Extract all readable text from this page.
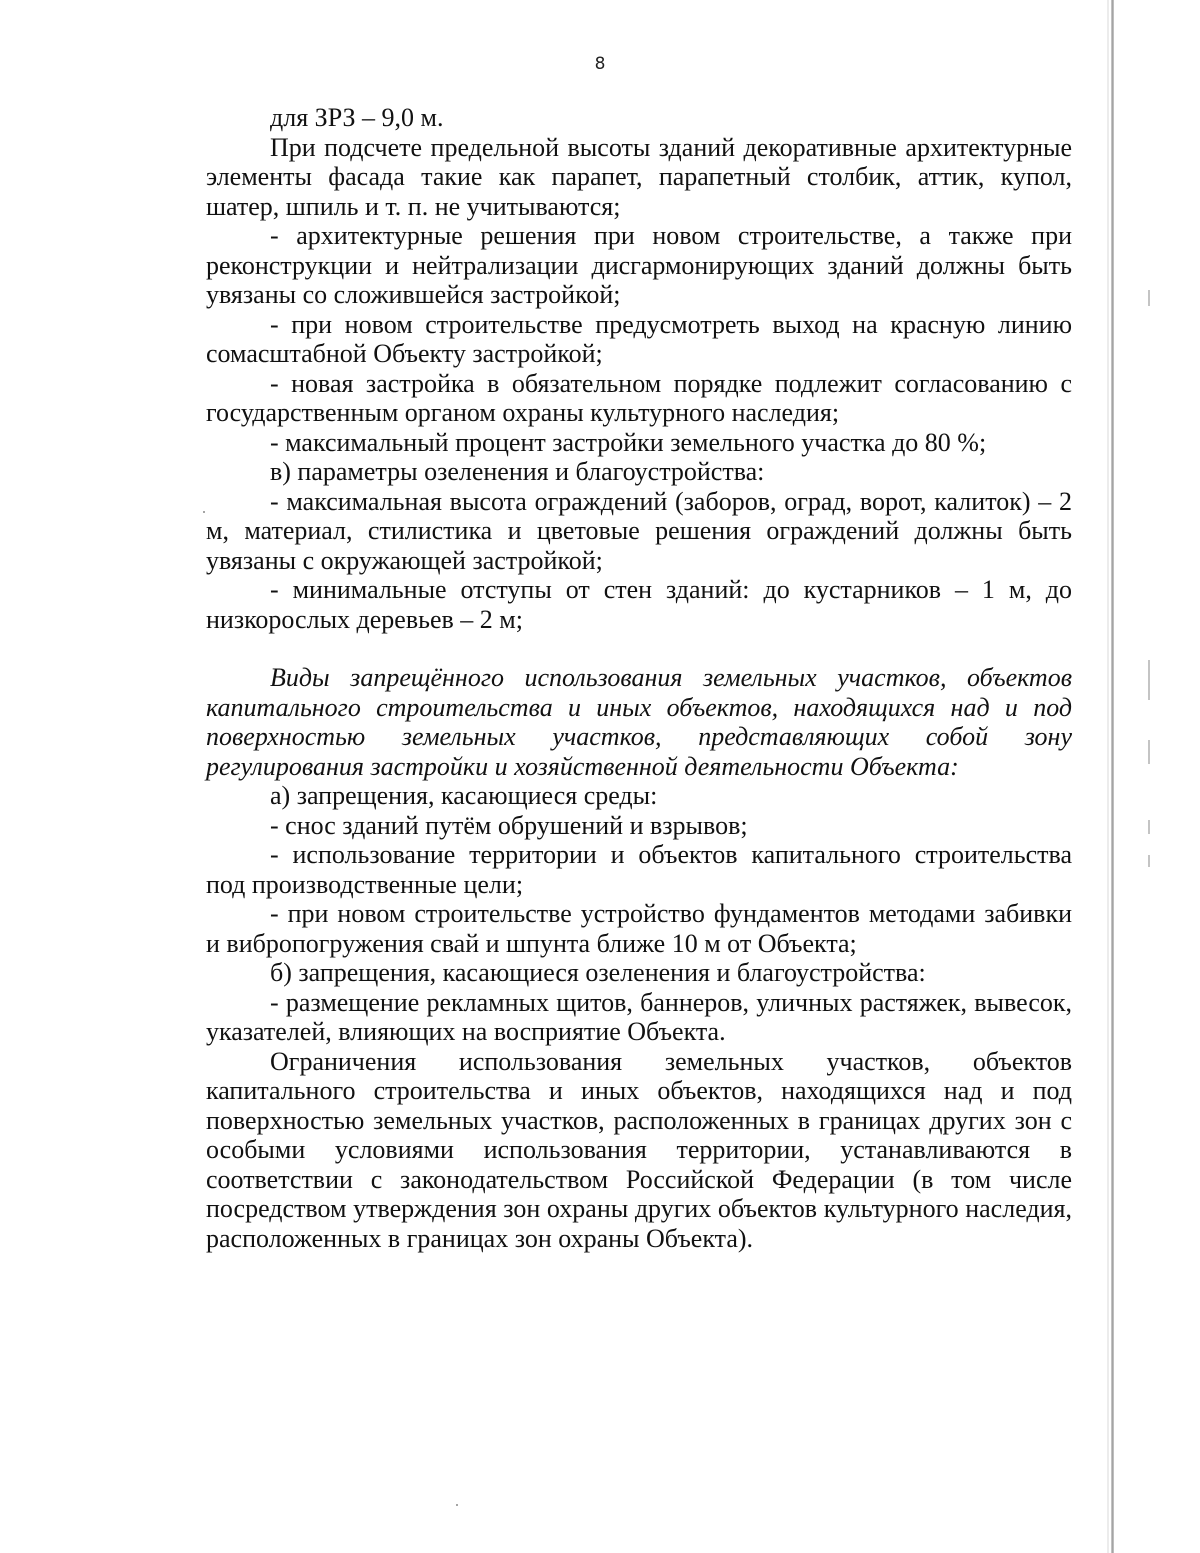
8

для ЗРЗ – 9,0 м.

При подсчете предельной высоты зданий декоративные архитектурные элементы фасада такие как парапет, парапетный столбик, аттик, купол, шатер, шпиль и т. п. не учитываются;

- архитектурные решения при новом строительстве, а также при реконструкции и нейтрализации дисгармонирующих зданий должны быть увязаны со сложившейся застройкой;

- при новом строительстве предусмотреть выход на красную линию сомасштабной Объекту застройкой;

- новая застройка в обязательном порядке подлежит согласованию с государственным органом охраны культурного наследия;

- максимальный процент застройки земельного участка до 80 %;

в) параметры озеленения и благоустройства:

- максимальная высота ограждений (заборов, оград, ворот, калиток) – 2 м, материал, стилистика и цветовые решения ограждений должны быть увязаны с окружающей застройкой;

- минимальные отступы от стен зданий: до кустарников – 1 м, до низкорослых деревьев – 2 м;

Виды запрещённого использования земельных участков, объектов капитального строительства и иных объектов, находящихся над и под поверхностью земельных участков, представляющих собой зону регулирования застройки и хозяйственной деятельности Объекта:

а) запрещения, касающиеся среды:

- снос зданий путём обрушений и взрывов;

- использование территории и объектов капитального строительства под производственные цели;

- при новом строительстве устройство фундаментов методами забивки и вибропогружения свай и шпунта ближе 10 м от Объекта;

б) запрещения, касающиеся озеленения и благоустройства:

- размещение рекламных щитов, баннеров, уличных растяжек, вывесок, указателей, влияющих на восприятие Объекта.

Ограничения использования земельных участков, объектов капитального строительства и иных объектов, находящихся над и под поверхностью земельных участков, расположенных в границах других зон с особыми условиями использования территории, устанавливаются в соответствии с законодательством Российской Федерации (в том числе посредством утверждения зон охраны других объектов культурного наследия, расположенных в границах зон охраны Объекта).
